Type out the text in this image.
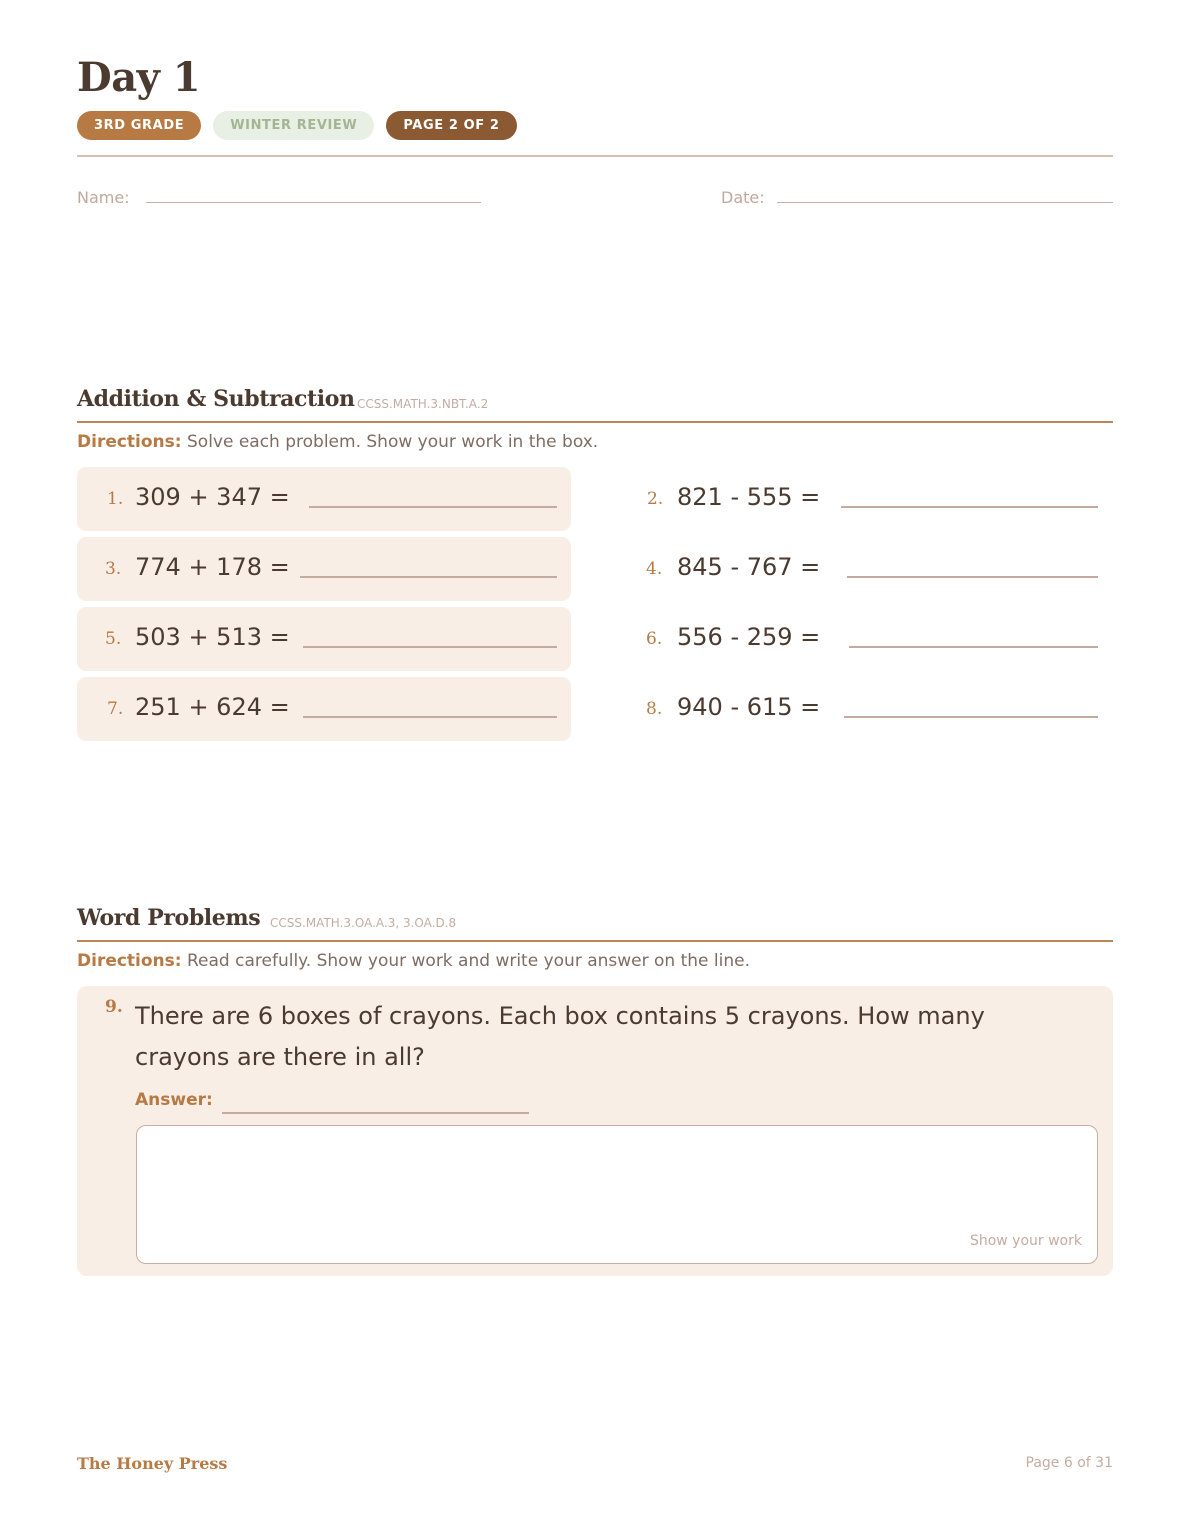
Day 1
3RD GRADE	WINTER REVIEW	PAGE 2 OF 2
Name:	Date:
Addition & Subtraction CCSS.MATH.3.NBT.A.2
Directions: Solve each problem. Show your work in the box.
1. 309 + 347 =	2. 821 - 555 =
3. 774 + 178 =	4. 845 - 767 =
5. 503 + 513 =	6. 556 - 259 =
7. 251 + 624 =	8. 940 - 615 =
Word Problems CCSS.MATH.3.OA.A.3, 3.OA.D.8
Directions: Read carefully. Show your work and write your answer on the line.
9. There are 6 boxes of crayons. Each box contains 5 crayons. How many crayons are there in all?
Answer:
Show your work
The Honey Press	Page 6 of 31
